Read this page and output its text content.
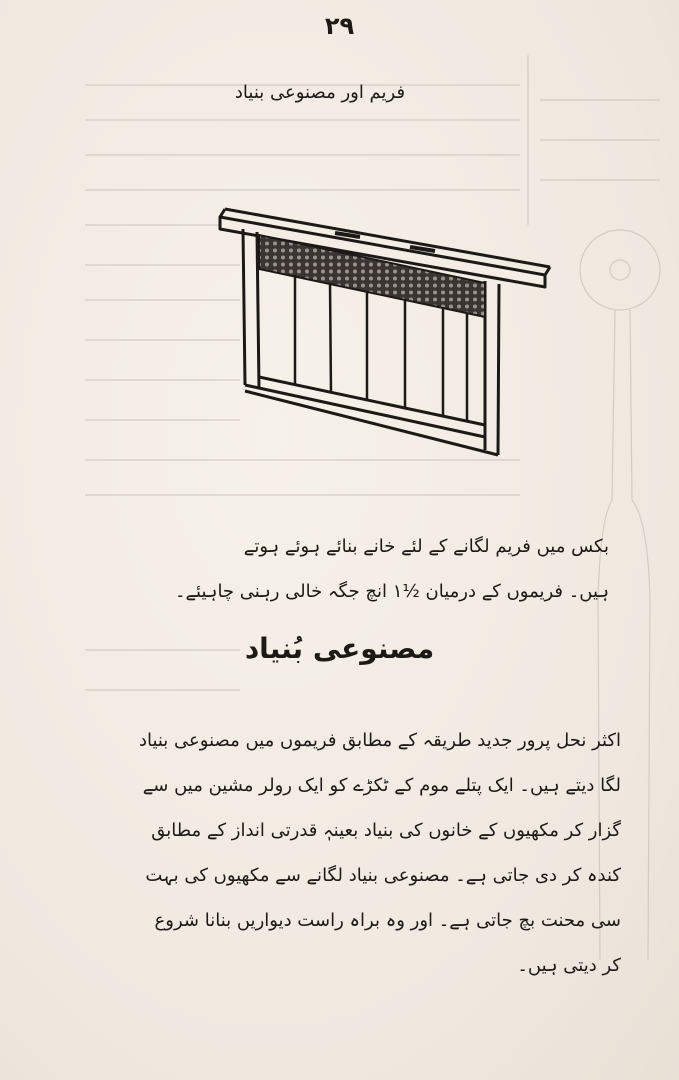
۲۹
فریم اور مصنوعی بنیاد
بکس میں فریم لگانے کے لئے خانے بنائے ہوئے ہوتے
ہیں۔ فریموں کے درمیان ½۱ انچ جگہ خالی رہنی چاہیئے۔
مصنوعی بُنیاد
اکثر نحل پرور جدید طریقہ کے مطابق فریموں میں مصنوعی بنیاد
لگا دیتے ہیں۔ ایک پتلے موم کے ٹکڑے کو ایک رولر مشین میں سے
گزار کر مکھیوں کے خانوں کی بنیاد بعینہٖ قدرتی انداز کے مطابق
کندہ کر دی جاتی ہے۔ مصنوعی بنیاد لگانے سے مکھیوں کی بہت
سی محنت بچ جاتی ہے۔ اور وہ براہ راست دیواریں بنانا شروع
کر دیتی ہیں۔
